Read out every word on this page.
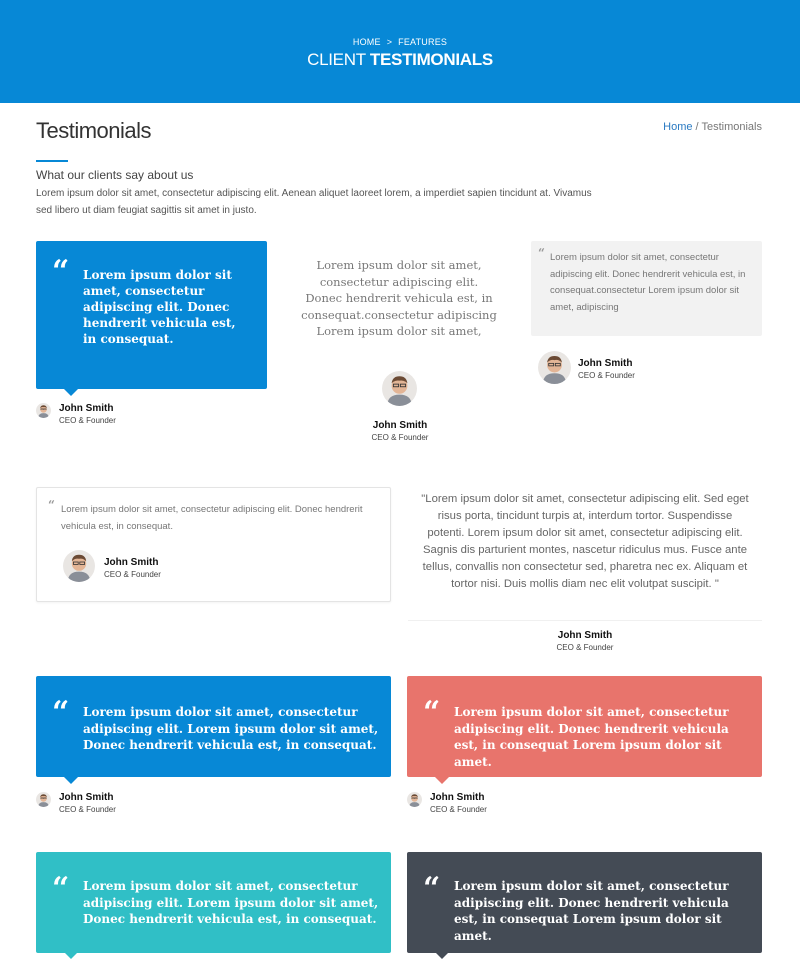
HOME > FEATURES
CLIENT TESTIMONIALS
Testimonials	Home / Testimonials
What our clients say about us
Lorem ipsum dolor sit amet, consectetur adipiscing elit. Aenean aliquet laoreet lorem, a imperdiet sapien tincidunt at. Vivamus sed libero ut diam feugiat sagittis sit amet in justo.
“ Lorem ipsum dolor sit amet, consectetur adipiscing elit. Donec hendrerit vehicula est, in consequat.
John Smith
CEO & Founder
Lorem ipsum dolor sit amet, consectetur adipiscing elit. Donec hendrerit vehicula est, in consequat.consectetur adipiscing Lorem ipsum dolor sit amet,
John Smith
CEO & Founder
“ Lorem ipsum dolor sit amet, consectetur adipiscing elit. Donec hendrerit vehicula est, in consequat.consectetur Lorem ipsum dolor sit amet, adipiscing
John Smith
CEO & Founder
“ Lorem ipsum dolor sit amet, consectetur adipiscing elit. Donec hendrerit vehicula est, in consequat.
John Smith
CEO & Founder
"Lorem ipsum dolor sit amet, consectetur adipiscing elit. Sed eget risus porta, tincidunt turpis at, interdum tortor. Suspendisse potenti. Lorem ipsum dolor sit amet, consectetur adipiscing elit. Sagnis dis parturient montes, nascetur ridiculus mus. Fusce ante tellus, convallis non consectetur sed, pharetra nec ex. Aliquam et tortor nisi. Duis mollis diam nec elit volutpat suscipit. "
John Smith
CEO & Founder
“ Lorem ipsum dolor sit amet, consectetur adipiscing elit. Lorem ipsum dolor sit amet, Donec hendrerit vehicula est, in consequat.
John Smith
CEO & Founder
“ Lorem ipsum dolor sit amet, consectetur adipiscing elit. Donec hendrerit vehicula est, in consequat Lorem ipsum dolor sit amet.
John Smith
CEO & Founder
“ Lorem ipsum dolor sit amet, consectetur adipiscing elit. Lorem ipsum dolor sit amet, Donec hendrerit vehicula est, in consequat.
“ Lorem ipsum dolor sit amet, consectetur adipiscing elit. Donec hendrerit vehicula est, in consequat Lorem ipsum dolor sit amet.
